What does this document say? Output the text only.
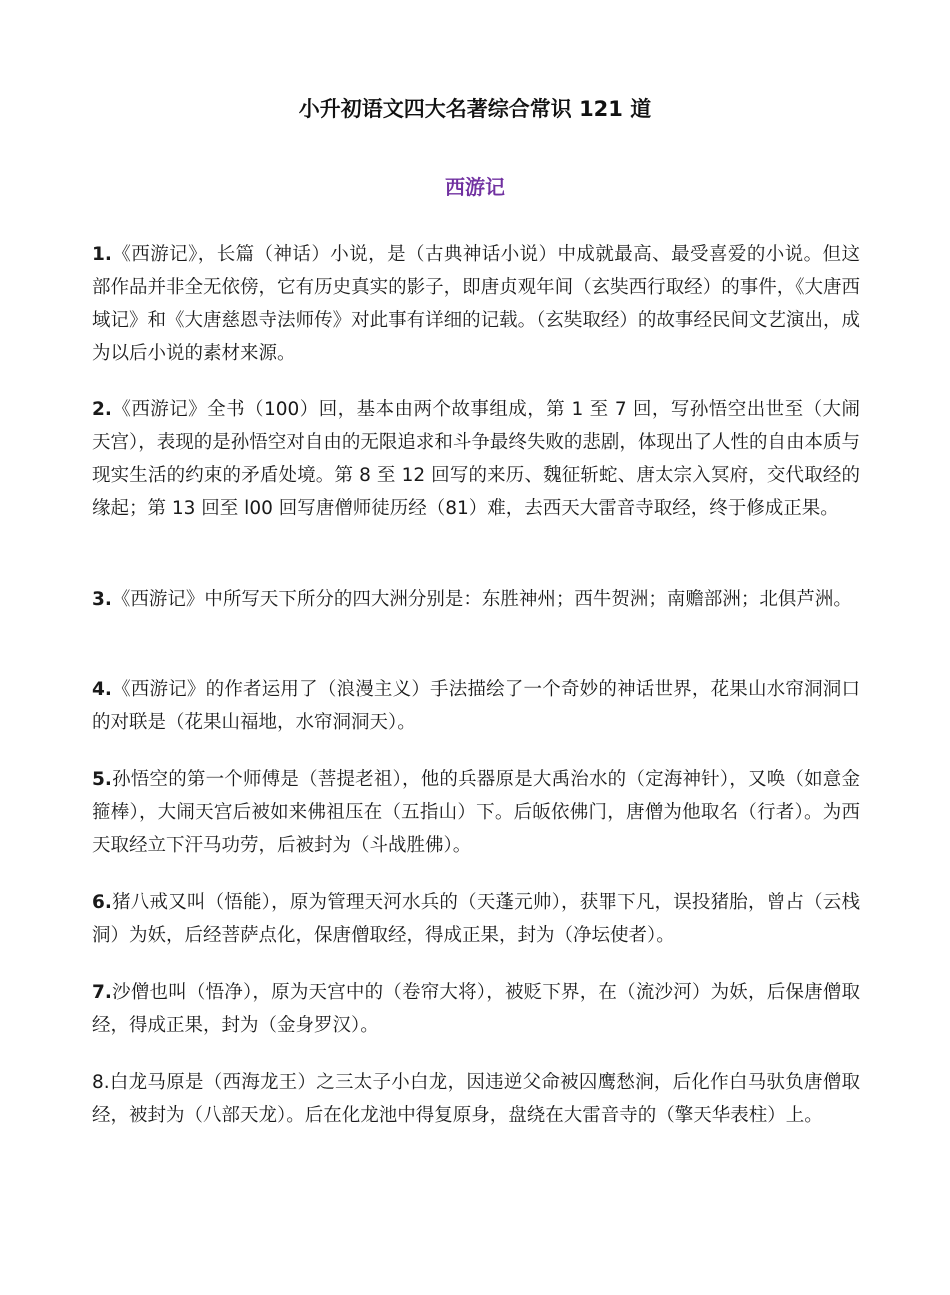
小升初语文四大名著综合常识 121 道
西游记

1.《西游记》，长篇（神话）小说，是（古典神话小说）中成就最高、最受喜爱的小说。但这部作品并非全无依傍，它有历史真实的影子，即唐贞观年间（玄奘西行取经）的事件，《大唐西域记》和《大唐慈恩寺法师传》对此事有详细的记载。（玄奘取经）的故事经民间文艺演出，成为以后小说的素材来源。

2.《西游记》全书（100）回，基本由两个故事组成，第 1 至 7 回，写孙悟空出世至（大闹天宫），表现的是孙悟空对自由的无限追求和斗争最终失败的悲剧，体现出了人性的自由本质与现实生活的约束的矛盾处境。第 8 至 12 回写的来历、魏征斩蛇、唐太宗入冥府，交代取经的缘起；第 13 回至 l00 回写唐僧师徒历经（81）难，去西天大雷音寺取经，终于修成正果。

3.《西游记》中所写天下所分的四大洲分别是：东胜神州；西牛贺洲；南赡部洲；北俱芦洲。

4.《西游记》的作者运用了（浪漫主义）手法描绘了一个奇妙的神话世界，花果山水帘洞洞口的对联是（花果山福地，水帘洞洞天）。

5.孙悟空的第一个师傅是（菩提老祖），他的兵器原是大禹治水的（定海神针），又唤（如意金箍棒），大闹天宫后被如来佛祖压在（五指山）下。后皈依佛门，唐僧为他取名（行者）。为西天取经立下汗马功劳，后被封为（斗战胜佛）。

6.猪八戒又叫（悟能），原为管理天河水兵的（天蓬元帅），获罪下凡，误投猪胎，曾占（云栈洞）为妖，后经菩萨点化，保唐僧取经，得成正果，封为（净坛使者）。

7.沙僧也叫（悟净），原为天宫中的（卷帘大将），被贬下界，在（流沙河）为妖，后保唐僧取经，得成正果，封为（金身罗汉）。

8.白龙马原是（西海龙王）之三太子小白龙，因违逆父命被囚鹰愁涧，后化作白马驮负唐僧取经，被封为（八部天龙）。后在化龙池中得复原身，盘绕在大雷音寺的（擎天华表柱）上。
